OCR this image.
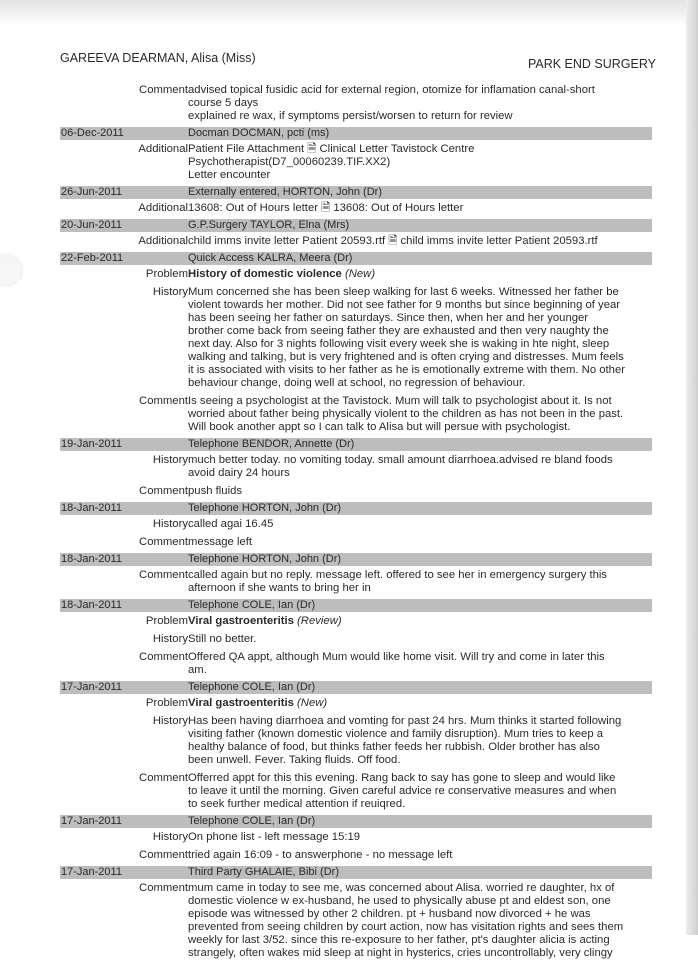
GAREEVA DEARMAN, Alisa (Miss)	PARK END SURGERY
Comment advised topical fusidic acid for external region, otomize for inflamation canal-short
course 5 days
explained re wax, if symptoms persist/worsen to return for review
06-Dec-2011	Docman DOCMAN, pcti (ms)
Additional Patient File Attachment 🗎 Clinical Letter Tavistock Centre
Psychotherapist(D7_00060239.TIF.XX2)
Letter encounter
26-Jun-2011	Externally entered, HORTON, John (Dr)
Additional 13608: Out of Hours letter 🗎 13608: Out of Hours letter
20-Jun-2011	G.P.Surgery TAYLOR, Elna (Mrs)
Additional child imms invite letter Patient 20593.rtf 🗎 child imms invite letter Patient 20593.rtf
22-Feb-2011	Quick Access KALRA, Meera (Dr)
Problem History of domestic violence (New)
History Mum concerned she has been sleep walking for last 6 weeks. Witnessed her father be
violent towards her mother. Did not see father for 9 months but since beginning of year
has been seeing her father on saturdays. Since then, when her and her younger
brother come back from seeing father they are exhausted and then very naughty the
next day. Also for 3 nights following visit every week she is waking in hte night, sleep
walking and talking, but is very frightened and is often crying and distresses. Mum feels
it is associated with visits to her father as he is emotionally extreme with them. No other
behaviour change, doing well at school, no regression of behaviour.
Comment Is seeing a psychologist at the Tavistock. Mum will talk to psychologist about it. Is not
worried about father being physically violent to the children as has not been in the past.
Will book another appt so I can talk to Alisa but will persue with psychologist.
19-Jan-2011	Telephone BENDOR, Annette (Dr)
History much better today. no vomiting today. small amount diarrhoea.advised re bland foods
avoid dairy 24 hours
Comment push fluids
18-Jan-2011	Telephone HORTON, John (Dr)
History called agai 16.45
Comment message left
18-Jan-2011	Telephone HORTON, John (Dr)
Comment called again but no reply. message left. offered to see her in emergency surgery this
afternoon if she wants to bring her in
18-Jan-2011	Telephone COLE, Ian (Dr)
Problem Viral gastroenteritis (Review)
History Still no better.
Comment Offered QA appt, although Mum would like home visit. Will try and come in later this
am.
17-Jan-2011	Telephone COLE, Ian (Dr)
Problem Viral gastroenteritis (New)
History Has been having diarrhoea and vomting for past 24 hrs. Mum thinks it started following
visiting father (known domestic violence and family disruption). Mum tries to keep a
healthy balance of food, but thinks father feeds her rubbish. Older brother has also
been unwell. Fever. Taking fluids. Off food.
Comment Offerred appt for this this evening. Rang back to say has gone to sleep and would like
to leave it until the morning. Given careful advice re conservative measures and when
to seek further medical attention if reuiqred.
17-Jan-2011	Telephone COLE, Ian (Dr)
History On phone list - left message 15:19
Comment tried again 16:09 - to answerphone - no message left
17-Jan-2011	Third Party GHALAIE, Bibi (Dr)
Comment mum came in today to see me, was concerned about Alisa. worried re daughter, hx of
domestic violence w ex-husband, he used to physically abuse pt and eldest son, one
episode was witnessed by other 2 children. pt + husband now divorced + he was
prevented from seeing children by court action, now has visitation rights and sees them
weekly for last 3/52. since this re-exposure to her father, pt's daughter alicia is acting
strangely, often wakes mid sleep at night in hysterics, cries uncontrollably, very clingy
